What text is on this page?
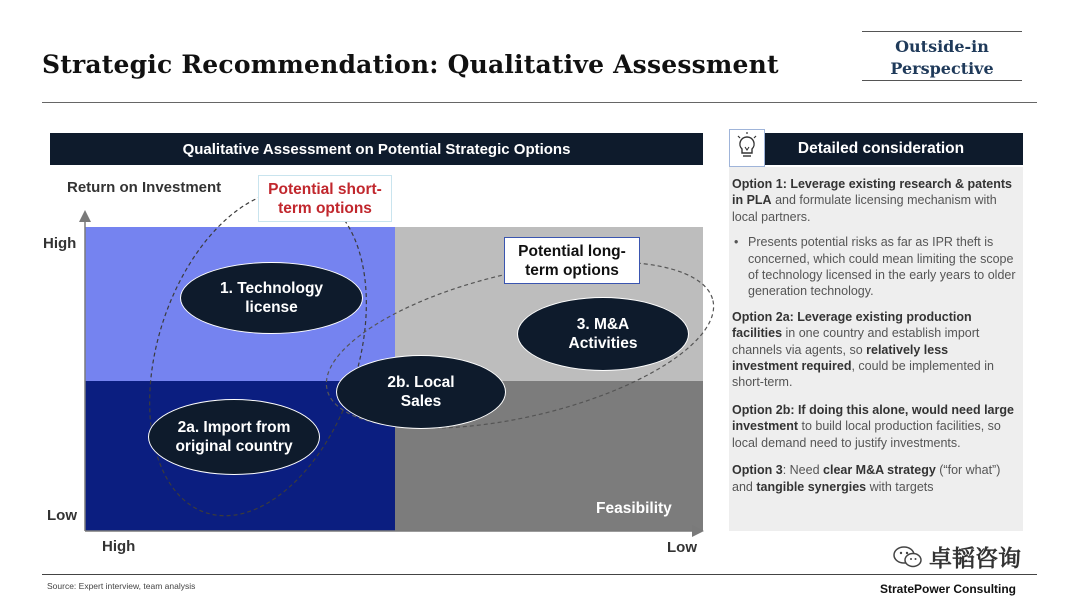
Strategic Recommendation: Qualitative Assessment
Outside-in
Perspective
Qualitative Assessment on Potential Strategic Options
Return on Investment
High
Low
High	Low
Feasibility
Potential short-term options
Potential long-term options
1. Technology license
3. M&A Activities
2b. Local Sales
2a. Import from original country
Detailed consideration

Option 1: Leverage existing research & patents in PLA and formulate licensing mechanism with local partners.

• Presents potential risks as far as IPR theft is concerned, which could mean limiting the scope of technology licensed in the early years to older generation technology.

Option 2a: Leverage existing production facilities in one country and establish import channels via agents, so relatively less investment required, could be implemented in short-term.

Option 2b: If doing this alone, would need large investment to build local production facilities, so local demand need to justify investments.

Option 3: Need clear M&A strategy (“for what”) and tangible synergies with targets

卓韬咨询
Source: Expert interview, team analysis	StratePower Consulting
